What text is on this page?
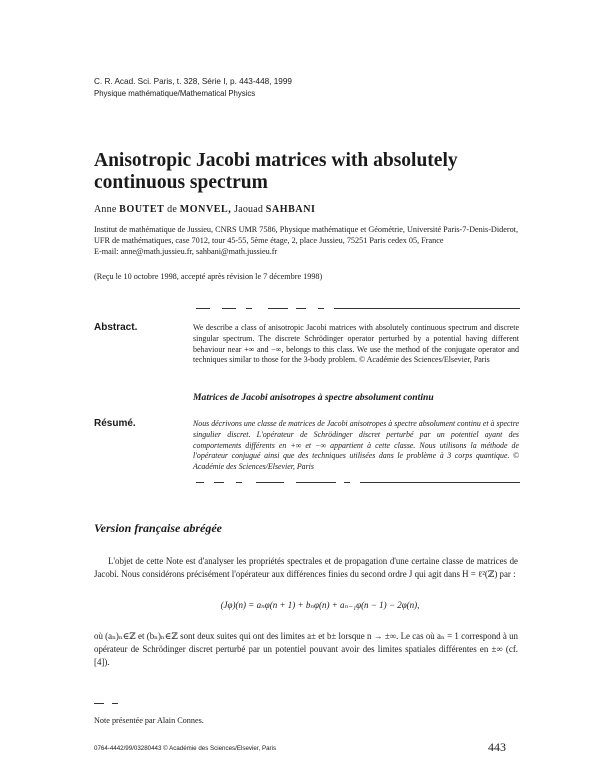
C. R. Acad. Sci. Paris, t. 328, Série I, p. 443-448, 1999
Physique mathématique/Mathematical Physics
Anisotropic Jacobi matrices with absolutely continuous spectrum
Anne BOUTET de MONVEL, Jaouad SAHBANI
Institut de mathématique de Jussieu, CNRS UMR 7586, Physique mathématique et Géométrie, Université Paris-7-Denis-Diderot, UFR de mathématiques, case 7012, tour 45-55, 5ème étage, 2, place Jussieu, 75251 Paris cedex 05, France
E-mail: anne@math.jussieu.fr, sahbani@math.jussieu.fr
(Reçu le 10 octobre 1998, accepté après révision le 7 décembre 1998)
Abstract.	We describe a class of anisotropic Jacobi matrices with absolutely continuous spectrum and discrete singular spectrum. The discrete Schrödinger operator perturbed by a potential having different behaviour near +∞ and −∞, belongs to this class. We use the method of the conjugate operator and techniques similar to those for the 3-body problem. © Académie des Sciences/Elsevier, Paris
Matrices de Jacobi anisotropes à spectre absolument continu
Résumé.	Nous décrivons une classe de matrices de Jacobi anisotropes à spectre absolument continu et à spectre singulier discret. L'opérateur de Schrödinger discret perturbé par un potentiel ayant des comportements différents en +∞ et −∞ appartient à cette classe. Nous utilisons la méthode de l'opérateur conjugué ainsi que des techniques utilisées dans le problème à 3 corps quantique. © Académie des Sciences/Elsevier, Paris
Version française abrégée
L'objet de cette Note est d'analyser les propriétés spectrales et de propagation d'une certaine classe de matrices de Jacobi. Nous considérons précisément l'opérateur aux différences finies du second ordre J qui agit dans H = ℓ²(ℤ) par :
(Jφ)(n) = aₙφ(n + 1) + bₙφ(n) + aₙ₋₁φ(n − 1) − 2φ(n),
où (aₙ)ₙ∈ℤ et (bₙ)ₙ∈ℤ sont deux suites qui ont des limites a± et b± lorsque n → ±∞. Le cas où aₙ = 1 correspond à un opérateur de Schrödinger discret perturbé par un potentiel pouvant avoir des limites spatiales différentes en ±∞ (cf. [4]).
Note présentée par Alain Connes.
0764-4442/99/03280443 © Académie des Sciences/Elsevier, Paris	443
